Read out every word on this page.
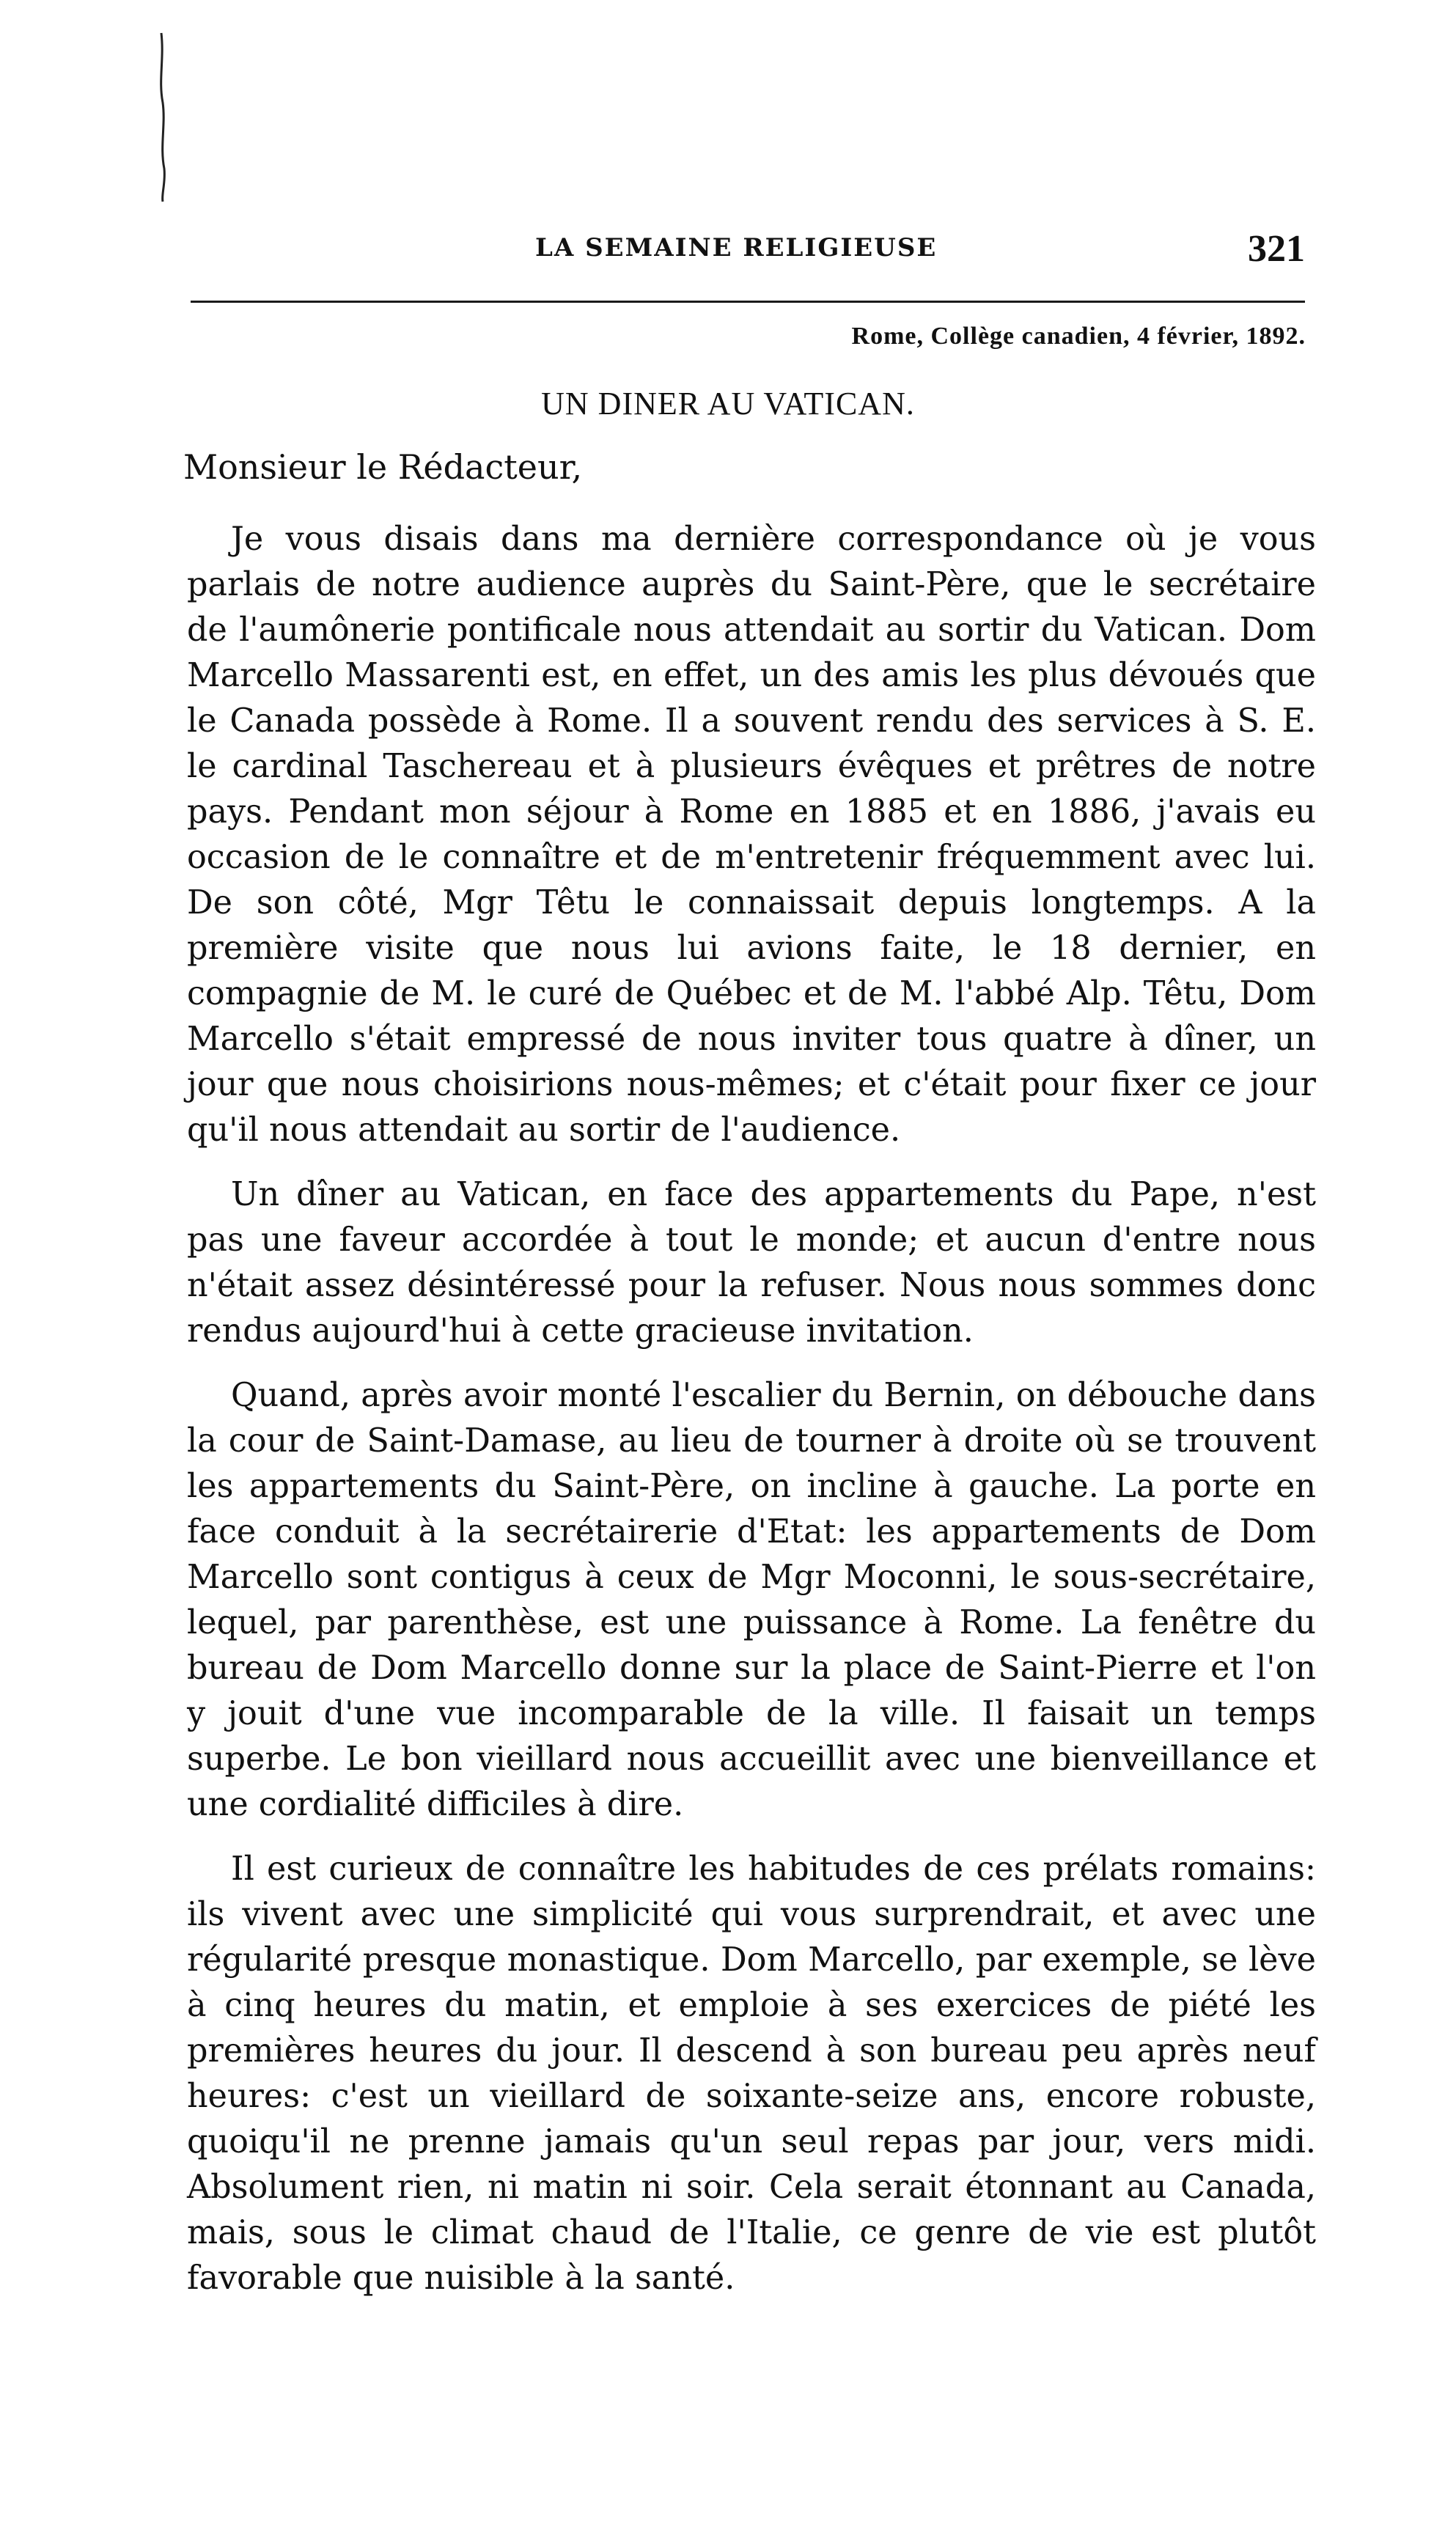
LA SEMAINE RELIGIEUSE	321
Rome, Collège canadien, 4 février, 1892.
UN DINER AU VATICAN.
Monsieur le Rédacteur,

Je vous disais dans ma dernière correspondance où je vous parlais de notre audience auprès du Saint-Père, que le secrétaire de l'aumônerie pontificale nous attendait au sortir du Vatican. Dom Marcello Massarenti est, en effet, un des amis les plus dévoués que le Canada possède à Rome. Il a souvent rendu des services à S. E. le cardinal Taschereau et à plusieurs évêques et prêtres de notre pays. Pendant mon séjour à Rome en 1885 et en 1886, j'avais eu occasion de le connaître et de m'entretenir fréquemment avec lui. De son côté, Mgr Têtu le connaissait depuis longtemps. A la première visite que nous lui avions faite, le 18 dernier, en compagnie de M. le curé de Québec et de M. l'abbé Alp. Têtu, Dom Marcello s'était empressé de nous inviter tous quatre à dîner, un jour que nous choisirions nous-mêmes; et c'était pour fixer ce jour qu'il nous attendait au sortir de l'audience.

Un dîner au Vatican, en face des appartements du Pape, n'est pas une faveur accordée à tout le monde; et aucun d'entre nous n'était assez désintéressé pour la refuser. Nous nous sommes donc rendus aujourd'hui à cette gracieuse invitation.

Quand, après avoir monté l'escalier du Bernin, on débouche dans la cour de Saint-Damase, au lieu de tourner à droite où se trouvent les appartements du Saint-Père, on incline à gauche. La porte en face conduit à la secrétairerie d'Etat: les appartements de Dom Marcello sont contigus à ceux de Mgr Moconni, le sous-secrétaire, lequel, par parenthèse, est une puissance à Rome. La fenêtre du bureau de Dom Marcello donne sur la place de Saint-Pierre et l'on y jouit d'une vue incomparable de la ville. Il faisait un temps superbe. Le bon vieillard nous accueillit avec une bienveillance et une cordialité difficiles à dire.

Il est curieux de connaître les habitudes de ces prélats romains: ils vivent avec une simplicité qui vous surprendrait, et avec une régularité presque monastique. Dom Marcello, par exemple, se lève à cinq heures du matin, et emploie à ses exercices de piété les premières heures du jour. Il descend à son bureau peu après neuf heures: c'est un vieillard de soixante-seize ans, encore robuste, quoiqu'il ne prenne jamais qu'un seul repas par jour, vers midi. Absolument rien, ni matin ni soir. Cela serait étonnant au Canada, mais, sous le climat chaud de l'Italie, ce genre de vie est plutôt favorable que nuisible à la santé.
